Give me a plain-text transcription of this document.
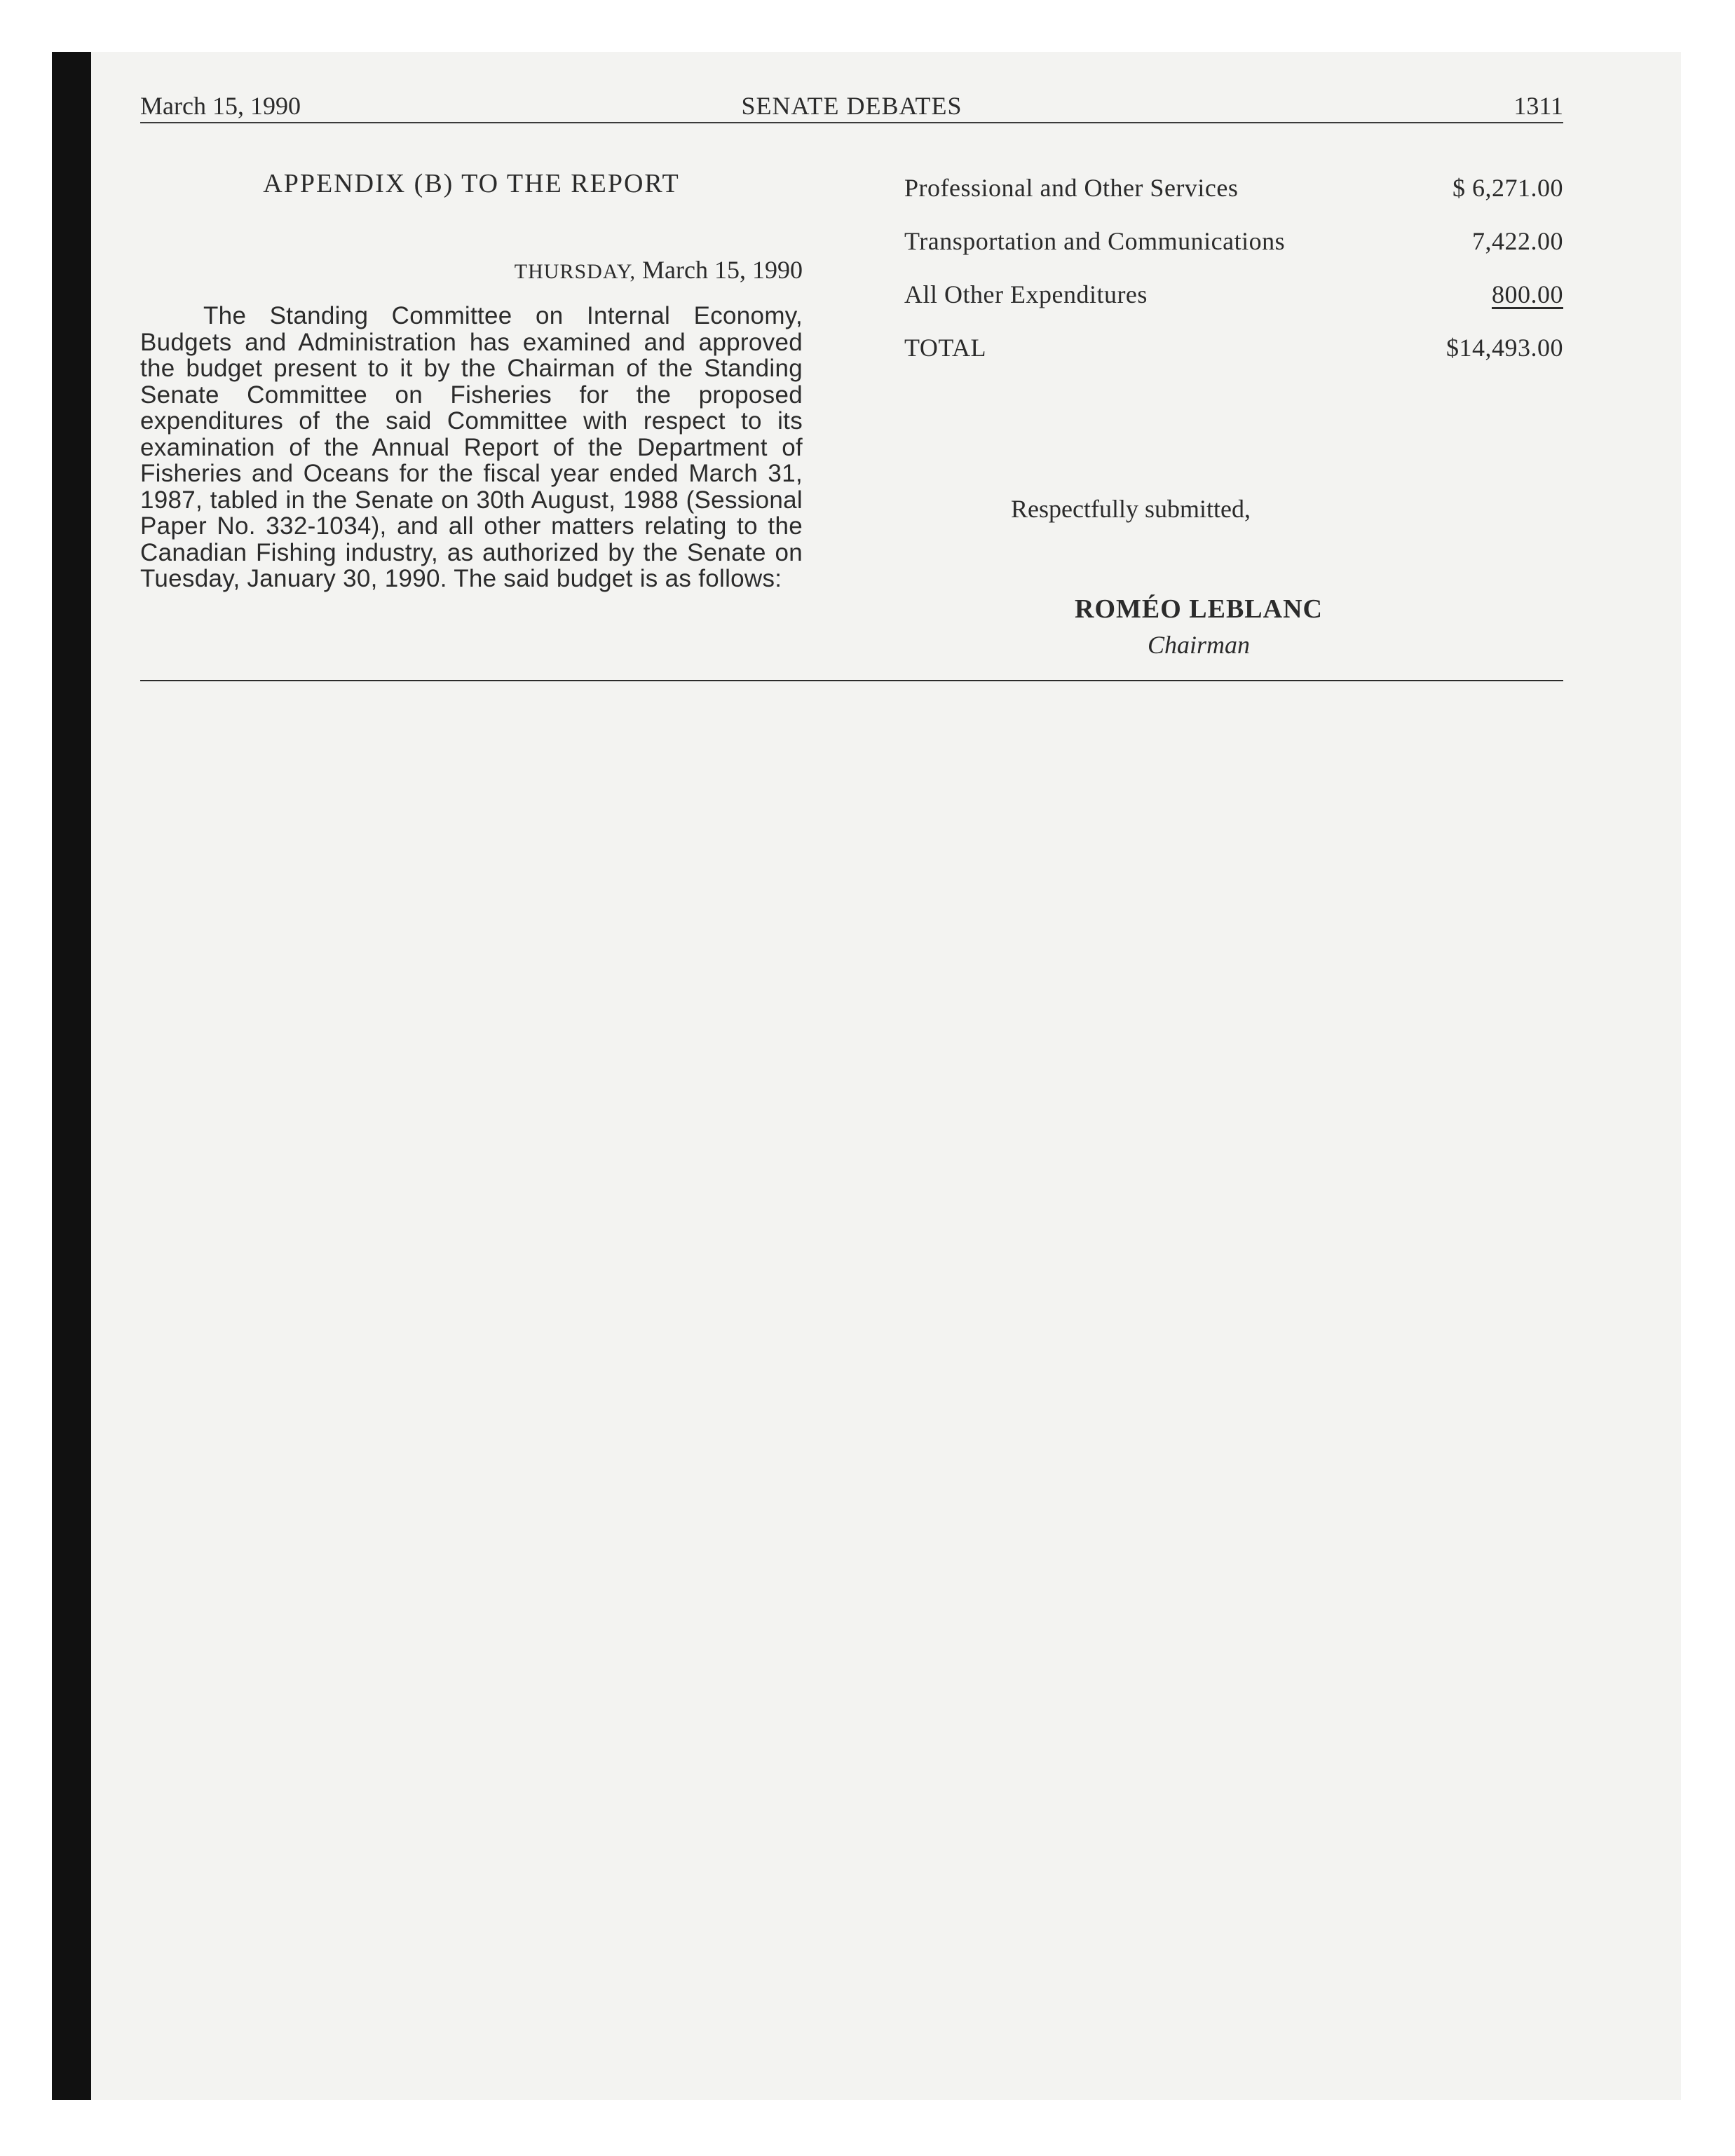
March 15, 1990	SENATE DEBATES	1311
APPENDIX (B) TO THE REPORT
THURSDAY, March 15, 1990

The Standing Committee on Internal Economy, Budgets and Administration has examined and approved the budget present to it by the Chairman of the Standing Senate Committee on Fisheries for the proposed expenditures of the said Committee with respect to its examination of the Annual Report of the Department of Fisheries and Oceans for the fiscal year ended March 31, 1987, tabled in the Senate on 30th August, 1988 (Sessional Paper No. 332-1034), and all other matters relating to the Canadian Fishing industry, as authorized by the Senate on Tuesday, January 30, 1990. The said budget is as follows:

Professional and Other Services	$ 6,271.00
Transportation and Communications	7,422.00
All Other Expenditures	800.00
TOTAL	$14,493.00
Respectfully submitted,
ROMÉO LEBLANC
Chairman
